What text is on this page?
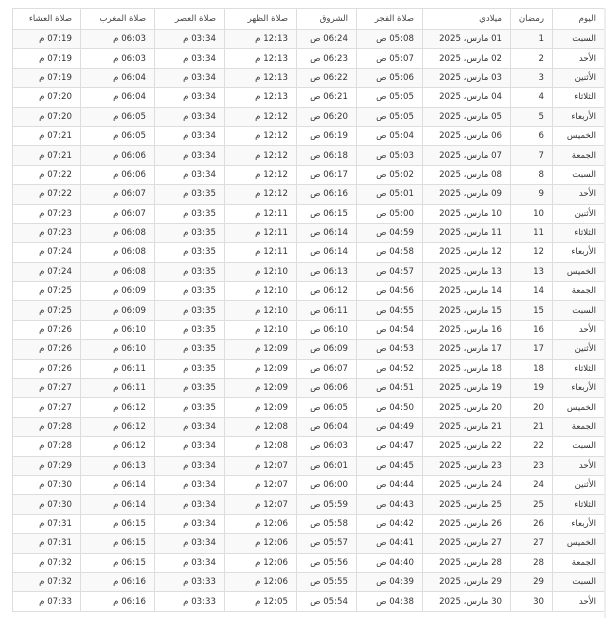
اليوم	رمضان	ميلادي	صلاة الفجر	الشروق	صلاة الظهر	صلاة العصر	صلاة المغرب	صلاة العشاء
السبت	1	01 مارس، 2025	05:08 ص	06:24 ص	12:13 م	03:34 م	06:03 م	07:19 م
الأحد	2	02 مارس، 2025	05:07 ص	06:23 ص	12:13 م	03:34 م	06:03 م	07:19 م
الأثنين	3	03 مارس، 2025	05:06 ص	06:22 ص	12:13 م	03:34 م	06:04 م	07:19 م
الثلاثاء	4	04 مارس، 2025	05:05 ص	06:21 ص	12:13 م	03:34 م	06:04 م	07:20 م
الأربعاء	5	05 مارس، 2025	05:05 ص	06:20 ص	12:12 م	03:34 م	06:05 م	07:20 م
الخميس	6	06 مارس، 2025	05:04 ص	06:19 ص	12:12 م	03:34 م	06:05 م	07:21 م
الجمعة	7	07 مارس، 2025	05:03 ص	06:18 ص	12:12 م	03:34 م	06:06 م	07:21 م
السبت	8	08 مارس، 2025	05:02 ص	06:17 ص	12:12 م	03:34 م	06:06 م	07:22 م
الأحد	9	09 مارس، 2025	05:01 ص	06:16 ص	12:12 م	03:35 م	06:07 م	07:22 م
الأثنين	10	10 مارس، 2025	05:00 ص	06:15 ص	12:11 م	03:35 م	06:07 م	07:23 م
الثلاثاء	11	11 مارس، 2025	04:59 ص	06:14 ص	12:11 م	03:35 م	06:08 م	07:23 م
الأربعاء	12	12 مارس، 2025	04:58 ص	06:14 ص	12:11 م	03:35 م	06:08 م	07:24 م
الخميس	13	13 مارس، 2025	04:57 ص	06:13 ص	12:10 م	03:35 م	06:08 م	07:24 م
الجمعة	14	14 مارس، 2025	04:56 ص	06:12 ص	12:10 م	03:35 م	06:09 م	07:25 م
السبت	15	15 مارس، 2025	04:55 ص	06:11 ص	12:10 م	03:35 م	06:09 م	07:25 م
الأحد	16	16 مارس، 2025	04:54 ص	06:10 ص	12:10 م	03:35 م	06:10 م	07:26 م
الأثنين	17	17 مارس، 2025	04:53 ص	06:09 ص	12:09 م	03:35 م	06:10 م	07:26 م
الثلاثاء	18	18 مارس، 2025	04:52 ص	06:07 ص	12:09 م	03:35 م	06:11 م	07:26 م
الأربعاء	19	19 مارس، 2025	04:51 ص	06:06 ص	12:09 م	03:35 م	06:11 م	07:27 م
الخميس	20	20 مارس، 2025	04:50 ص	06:05 ص	12:09 م	03:35 م	06:12 م	07:27 م
الجمعة	21	21 مارس، 2025	04:49 ص	06:04 ص	12:08 م	03:34 م	06:12 م	07:28 م
السبت	22	22 مارس، 2025	04:47 ص	06:03 ص	12:08 م	03:34 م	06:12 م	07:28 م
الأحد	23	23 مارس، 2025	04:45 ص	06:01 ص	12:07 م	03:34 م	06:13 م	07:29 م
الأثنين	24	24 مارس، 2025	04:44 ص	06:00 ص	12:07 م	03:34 م	06:14 م	07:30 م
الثلاثاء	25	25 مارس، 2025	04:43 ص	05:59 ص	12:07 م	03:34 م	06:14 م	07:30 م
الأربعاء	26	26 مارس، 2025	04:42 ص	05:58 ص	12:06 م	03:34 م	06:15 م	07:31 م
الخميس	27	27 مارس، 2025	04:41 ص	05:57 ص	12:06 م	03:34 م	06:15 م	07:31 م
الجمعة	28	28 مارس، 2025	04:40 ص	05:56 ص	12:06 م	03:34 م	06:15 م	07:32 م
السبت	29	29 مارس، 2025	04:39 ص	05:55 ص	12:06 م	03:33 م	06:16 م	07:32 م
الأحد	30	30 مارس، 2025	04:38 ص	05:54 ص	12:05 م	03:33 م	06:16 م	07:33 م
